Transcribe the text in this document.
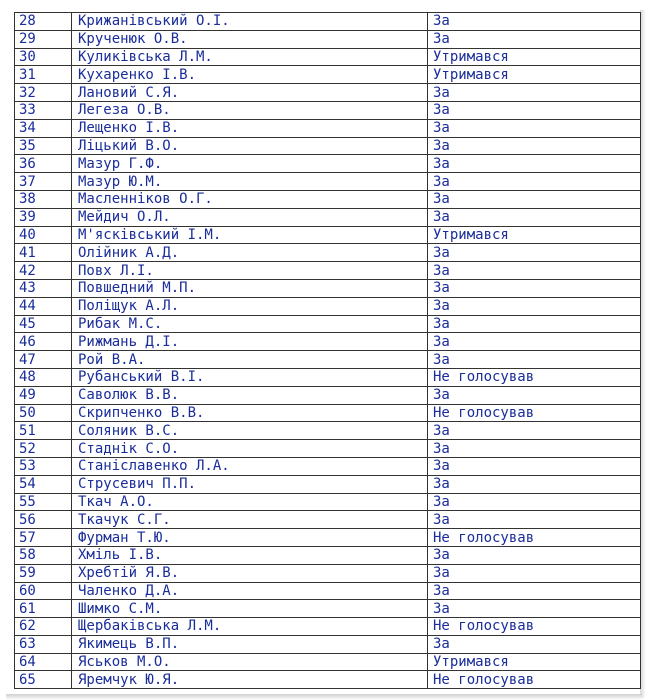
28	Крижанівський О.І.	За
29	Крученюк О.В.	За
30	Куликівська Л.М.	Утримався
31	Кухаренко І.В.	Утримався
32	Лановий С.Я.	За
33	Легеза О.В.	За
34	Лещенко І.В.	За
35	Ліцький В.О.	За
36	Мазур Г.Ф.	За
37	Мазур Ю.М.	За
38	Масленніков О.Г.	За
39	Мейдич О.Л.	За
40	М'ясківський І.М.	Утримався
41	Олійник А.Д.	За
42	Повх Л.І.	За
43	Повшедний М.П.	За
44	Поліщук А.Л.	За
45	Рибак М.С.	За
46	Рижмань Д.І.	За
47	Рой В.А.	За
48	Рубанський В.І.	Не голосував
49	Саволюк В.В.	За
50	Скрипченко В.В.	Не голосував
51	Соляник В.С.	За
52	Стаднік С.О.	За
53	Станіславенко Л.А.	За
54	Струсевич П.П.	За
55	Ткач А.О.	За
56	Ткачук С.Г.	За
57	Фурман Т.Ю.	Не голосував
58	Хміль І.В.	За
59	Хребтій Я.В.	За
60	Чаленко Д.А.	За
61	Шимко С.М.	За
62	Щербаківська Л.М.	Не голосував
63	Якимець В.П.	За
64	Яськов М.О.	Утримався
65	Яремчук Ю.Я.	Не голосував
